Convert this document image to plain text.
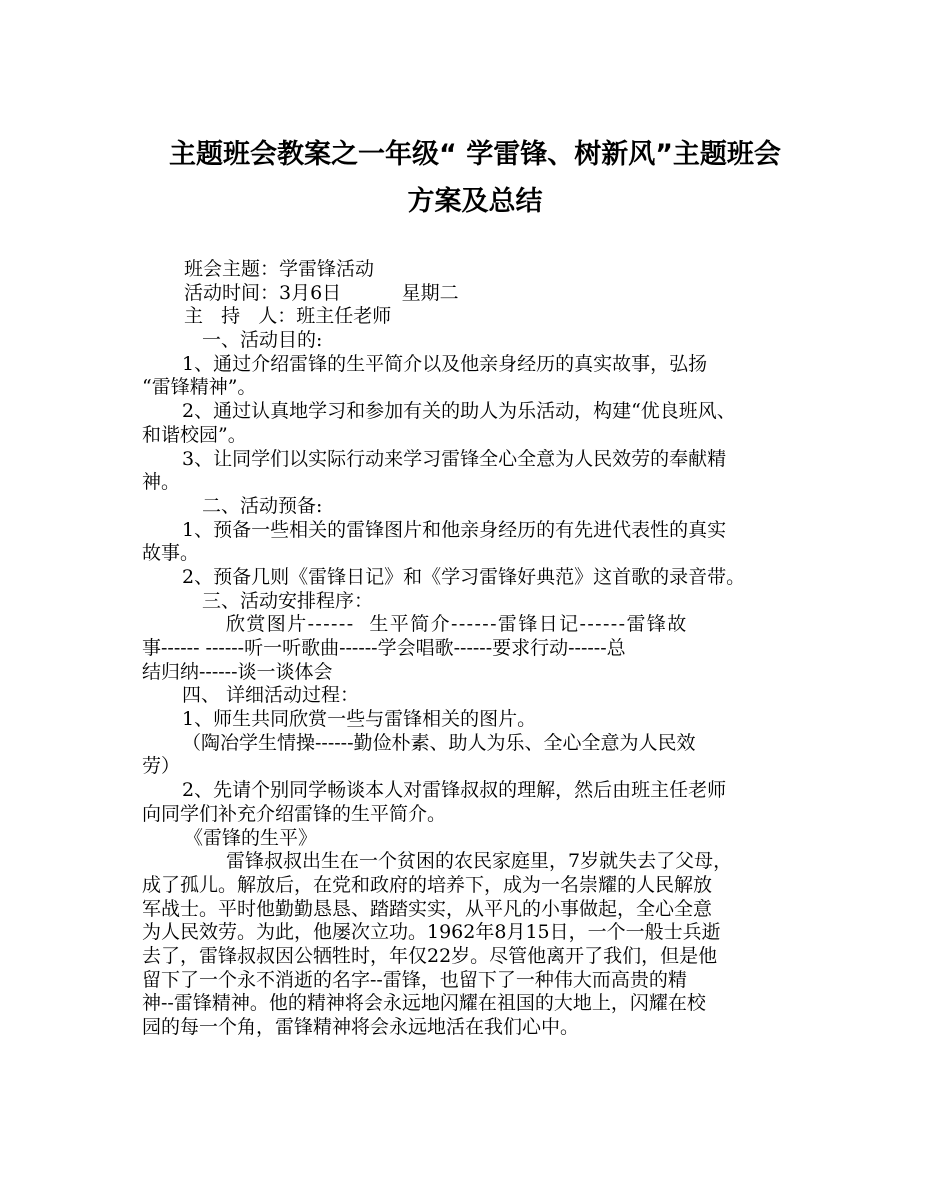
主题班会教案之一年级“ 学雷锋、树新风”主题班会
方案及总结
班会主题：学雷锋活动
活动时间：3月6日          星期二
主   持   人：班主任老师
一、活动目的:
1、通过介绍雷锋的生平简介以及他亲身经历的真实故事，弘扬
“雷锋精神”。
2、通过认真地学习和参加有关的助人为乐活动，构建“优良班风、
和谐校园”。
3、让同学们以实际行动来学习雷锋全心全意为人民效劳的奉献精
神。
二、活动预备:
1、预备一些相关的雷锋图片和他亲身经历的有先进代表性的真实
故事。
2、预备几则《雷锋日记》和《学习雷锋好典范》这首歌的录音带。
三、活动安排程序：
欣赏图片------  生平简介------雷锋日记------雷锋故
事------ ------听一听歌曲------学会唱歌------要求行动------总
结归纳------谈一谈体会
四、 详细活动过程：
1、师生共同欣赏一些与雷锋相关的图片。
（陶冶学生情操------勤俭朴素、助人为乐、全心全意为人民效
劳）
2、先请个别同学畅谈本人对雷锋叔叔的理解，然后由班主任老师
向同学们补充介绍雷锋的生平简介。
《雷锋的生平》
雷锋叔叔出生在一个贫困的农民家庭里，7岁就失去了父母，
成了孤儿。解放后，在党和政府的培养下，成为一名崇耀的人民解放
军战士。平时他勤勤恳恳、踏踏实实，从平凡的小事做起，全心全意
为人民效劳。为此，他屡次立功。1962年8月15日，一个一般士兵逝
去了，雷锋叔叔因公牺牲时，年仅22岁。尽管他离开了我们，但是他
留下了一个永不消逝的名字--雷锋，也留下了一种伟大而高贵的精
神--雷锋精神。他的精神将会永远地闪耀在祖国的大地上，闪耀在校
园的每一个角，雷锋精神将会永远地活在我们心中。
